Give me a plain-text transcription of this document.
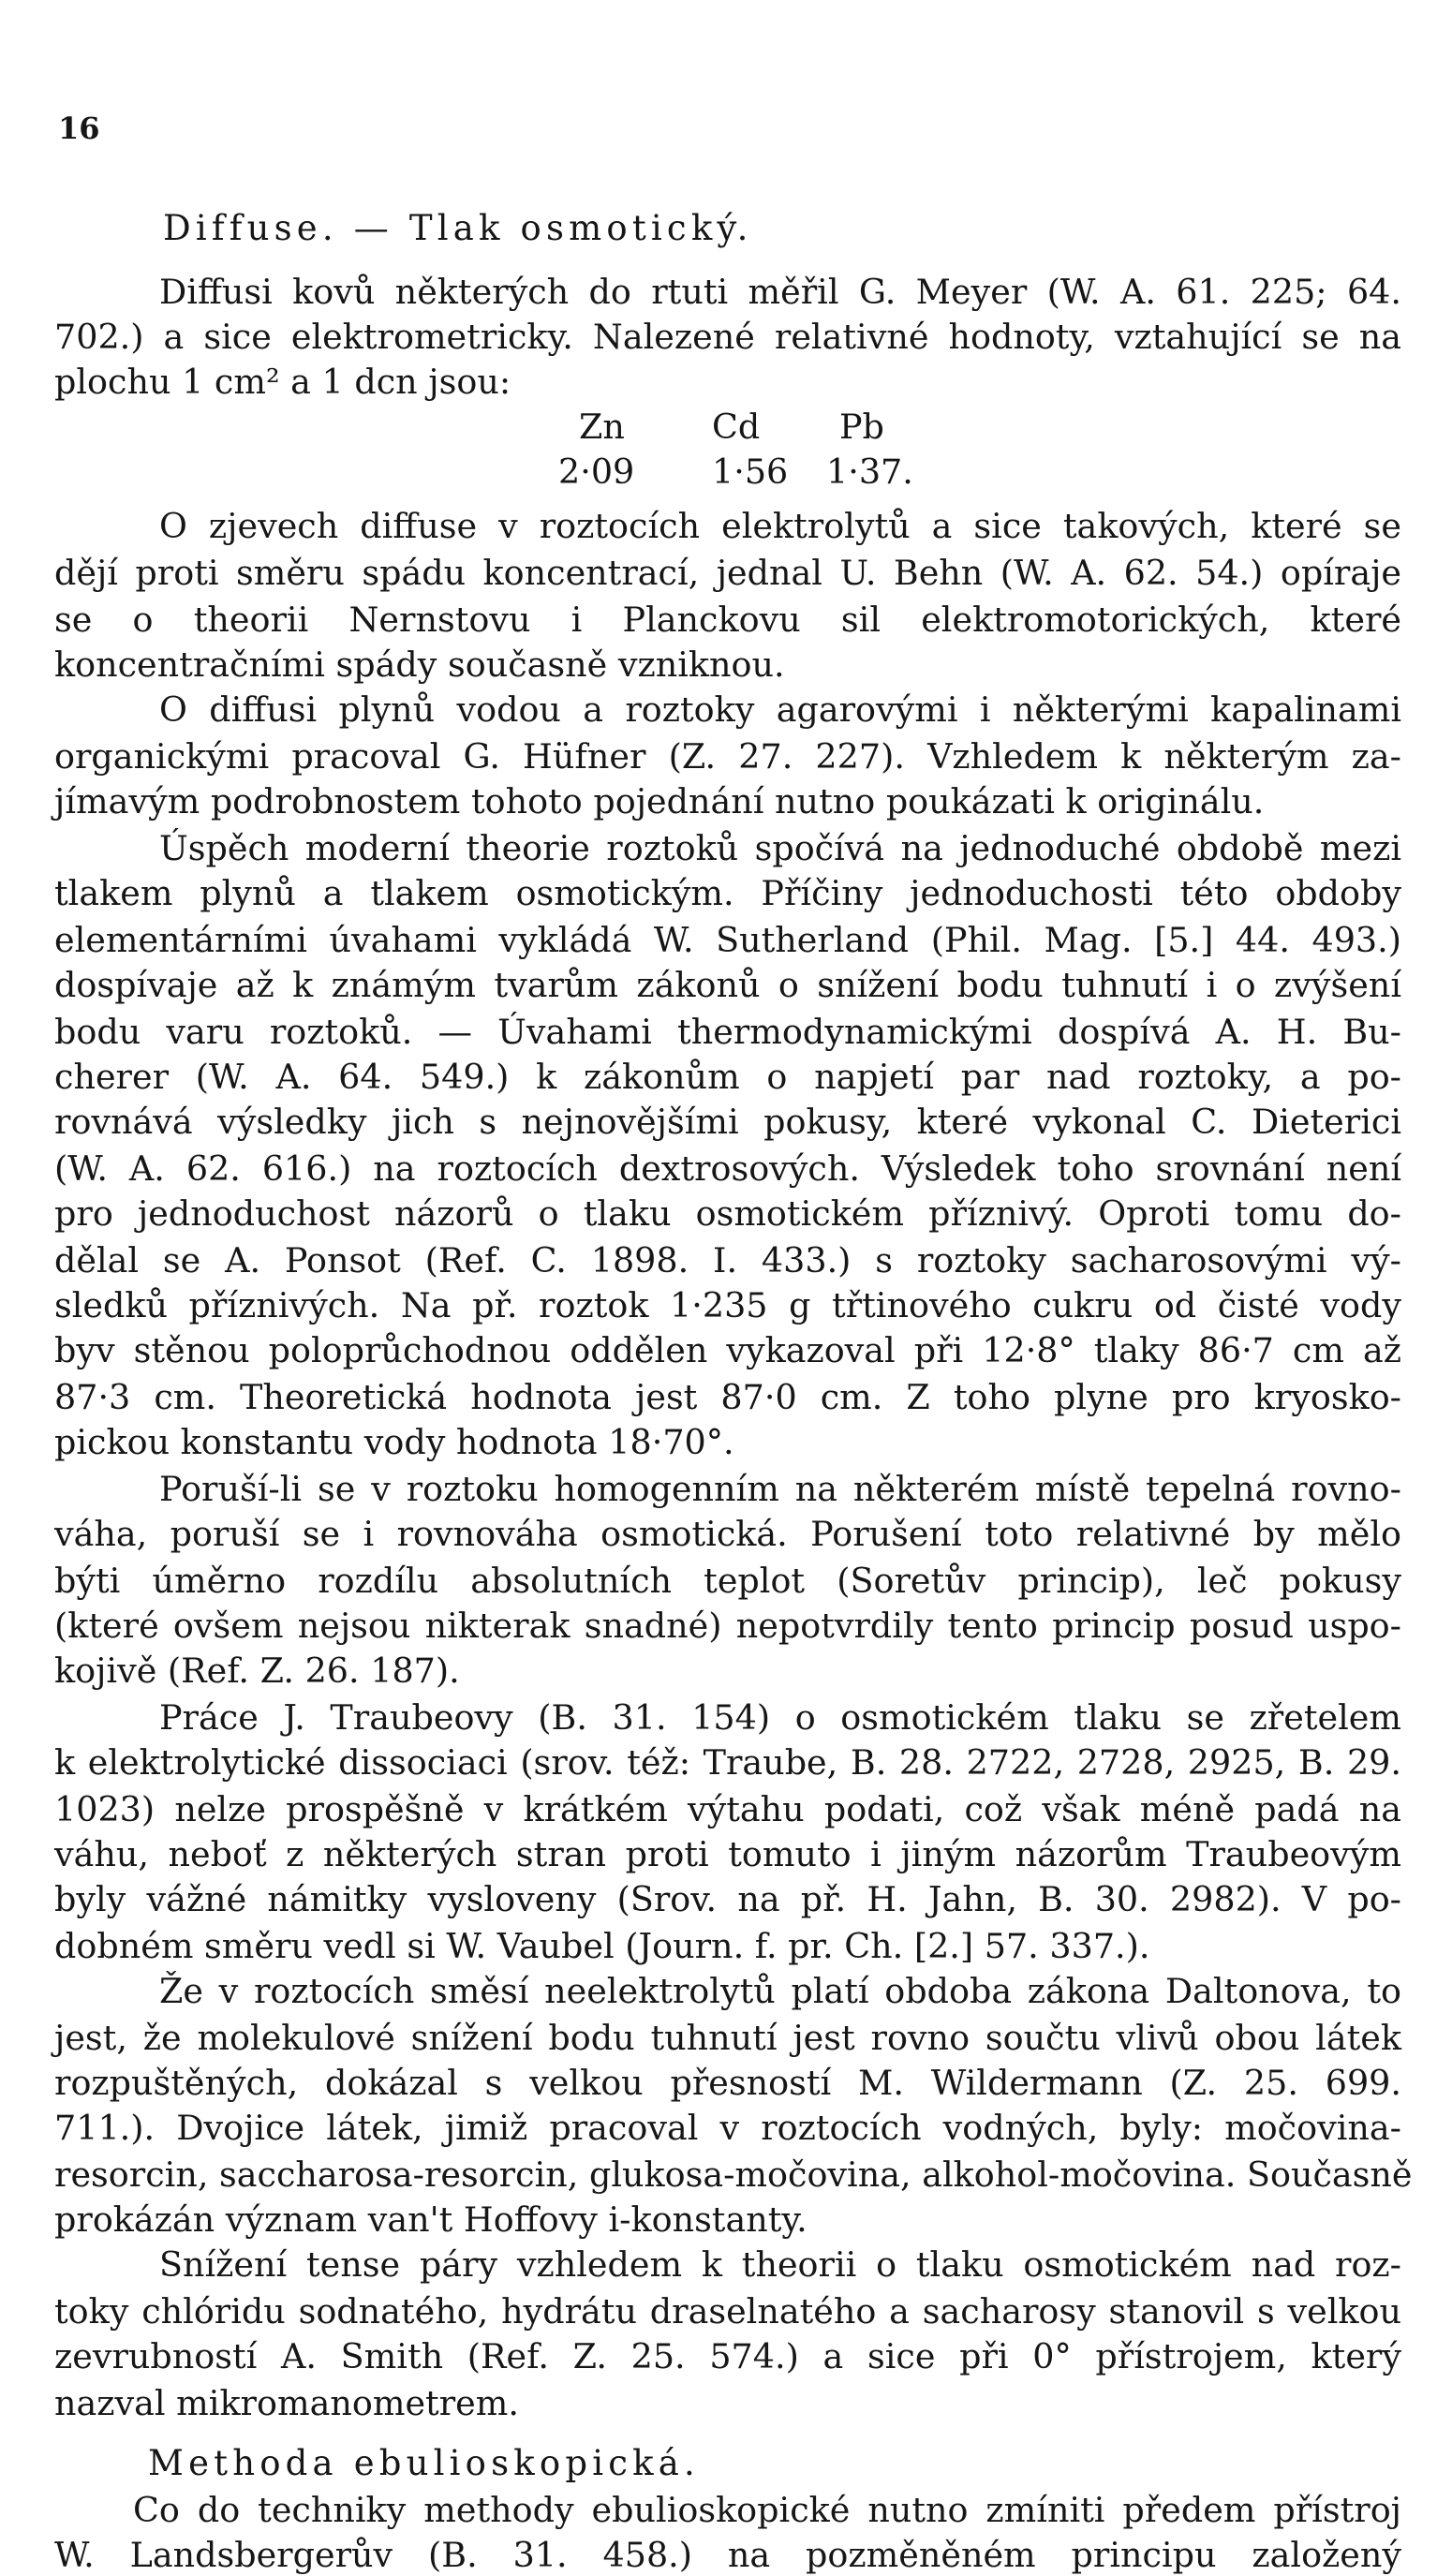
16
Diffuse. — Tlak osmotický.
Diffusi kovů některých do rtuti měřil G. Meyer (W. A. 61. 225; 64.
702.) a sice elektrometricky. Nalezené relativné hodnoty, vztahující se na
plochu 1 cm² a 1 dcn jsou:
Zn	Cd Pb
2·09 1·56 1·37.
O zjevech diffuse v roztocích elektrolytů a sice takových, které se
dějí proti směru spádu koncentrací, jednal U. Behn (W. A. 62. 54.) opíraje
se o theorii Nernstovu i Planckovu sil elektromotorických, které
koncentračními spády současně vzniknou.
O diffusi plynů vodou a roztoky agarovými i některými kapalinami
organickými pracoval G. Hüfner (Z. 27. 227). Vzhledem k některým za-
jímavým podrobnostem tohoto pojednání nutno poukázati k originálu.
Úspěch moderní theorie roztoků spočívá na jednoduché obdobě mezi
tlakem plynů a tlakem osmotickým. Příčiny jednoduchosti této obdoby
elementárními úvahami vykládá W. Sutherland (Phil. Mag. [5.] 44. 493.)
dospívaje až k známým tvarům zákonů o snížení bodu tuhnutí i o zvýšení
bodu varu roztoků. — Úvahami thermodynamickými dospívá A. H. Bu-
cherer (W. A. 64. 549.) k zákonům o napjetí par nad roztoky, a po-
rovnává výsledky jich s nejnovějšími pokusy, které vykonal C. Dieterici
(W. A. 62. 616.) na roztocích dextrosových. Výsledek toho srovnání není
pro jednoduchost názorů o tlaku osmotickém příznivý. Oproti tomu do-
dělal se A. Ponsot (Ref. C. 1898. I. 433.) s roztoky sacharosovými vý-
sledků příznivých. Na př. roztok 1·235 g třtinového cukru od čisté vody
byv stěnou poloprůchodnou oddělen vykazoval při 12·8° tlaky 86·7 cm až
87·3 cm. Theoretická hodnota jest 87·0 cm. Z toho plyne pro kryosko-
pickou konstantu vody hodnota 18·70°.
Poruší-li se v roztoku homogenním na některém místě tepelná rovno-
váha, poruší se i rovnováha osmotická. Porušení toto relativné by mělo
býti úměrno rozdílu absolutních teplot (Soretův princip), leč pokusy
(které ovšem nejsou nikterak snadné) nepotvrdily tento princip posud uspo-
kojivě (Ref. Z. 26. 187).
Práce J. Traubeovy (B. 31. 154) o osmotickém tlaku se zřetelem
k elektrolytické dissociaci (srov. též: Traube, B. 28. 2722, 2728, 2925, B. 29.
1023) nelze prospěšně v krátkém výtahu podati, což však méně padá na
váhu, neboť z některých stran proti tomuto i jiným názorům Traubeovým
byly vážné námitky vysloveny (Srov. na př. H. Jahn, B. 30. 2982). V po-
dobném směru vedl si W. Vaubel (Journ. f. pr. Ch. [2.] 57. 337.).
Že v roztocích směsí neelektrolytů platí obdoba zákona Daltonova, to
jest, že molekulové snížení bodu tuhnutí jest rovno součtu vlivů obou látek
rozpuštěných, dokázal s velkou přesností M. Wildermann (Z. 25. 699.
711.). Dvojice látek, jimiž pracoval v roztocích vodných, byly: močovina-
resorcin, saccharosa-resorcin, glukosa-močovina, alkohol-močovina. Současně
prokázán význam van't Hoffovy i-konstanty.
Snížení tense páry vzhledem k theorii o tlaku osmotickém nad roz-
toky chlóridu sodnatého, hydrátu draselnatého a sacharosy stanovil s velkou
zevrubností A. Smith (Ref. Z. 25. 574.) a sice při 0° přístrojem, který
nazval mikromanometrem.
Methoda ebulioskopická.
Co do techniky methody ebulioskopické nutno zmíniti předem přístroj
W. Landsbergerův (B. 31. 458.) na pozměněném principu založený
